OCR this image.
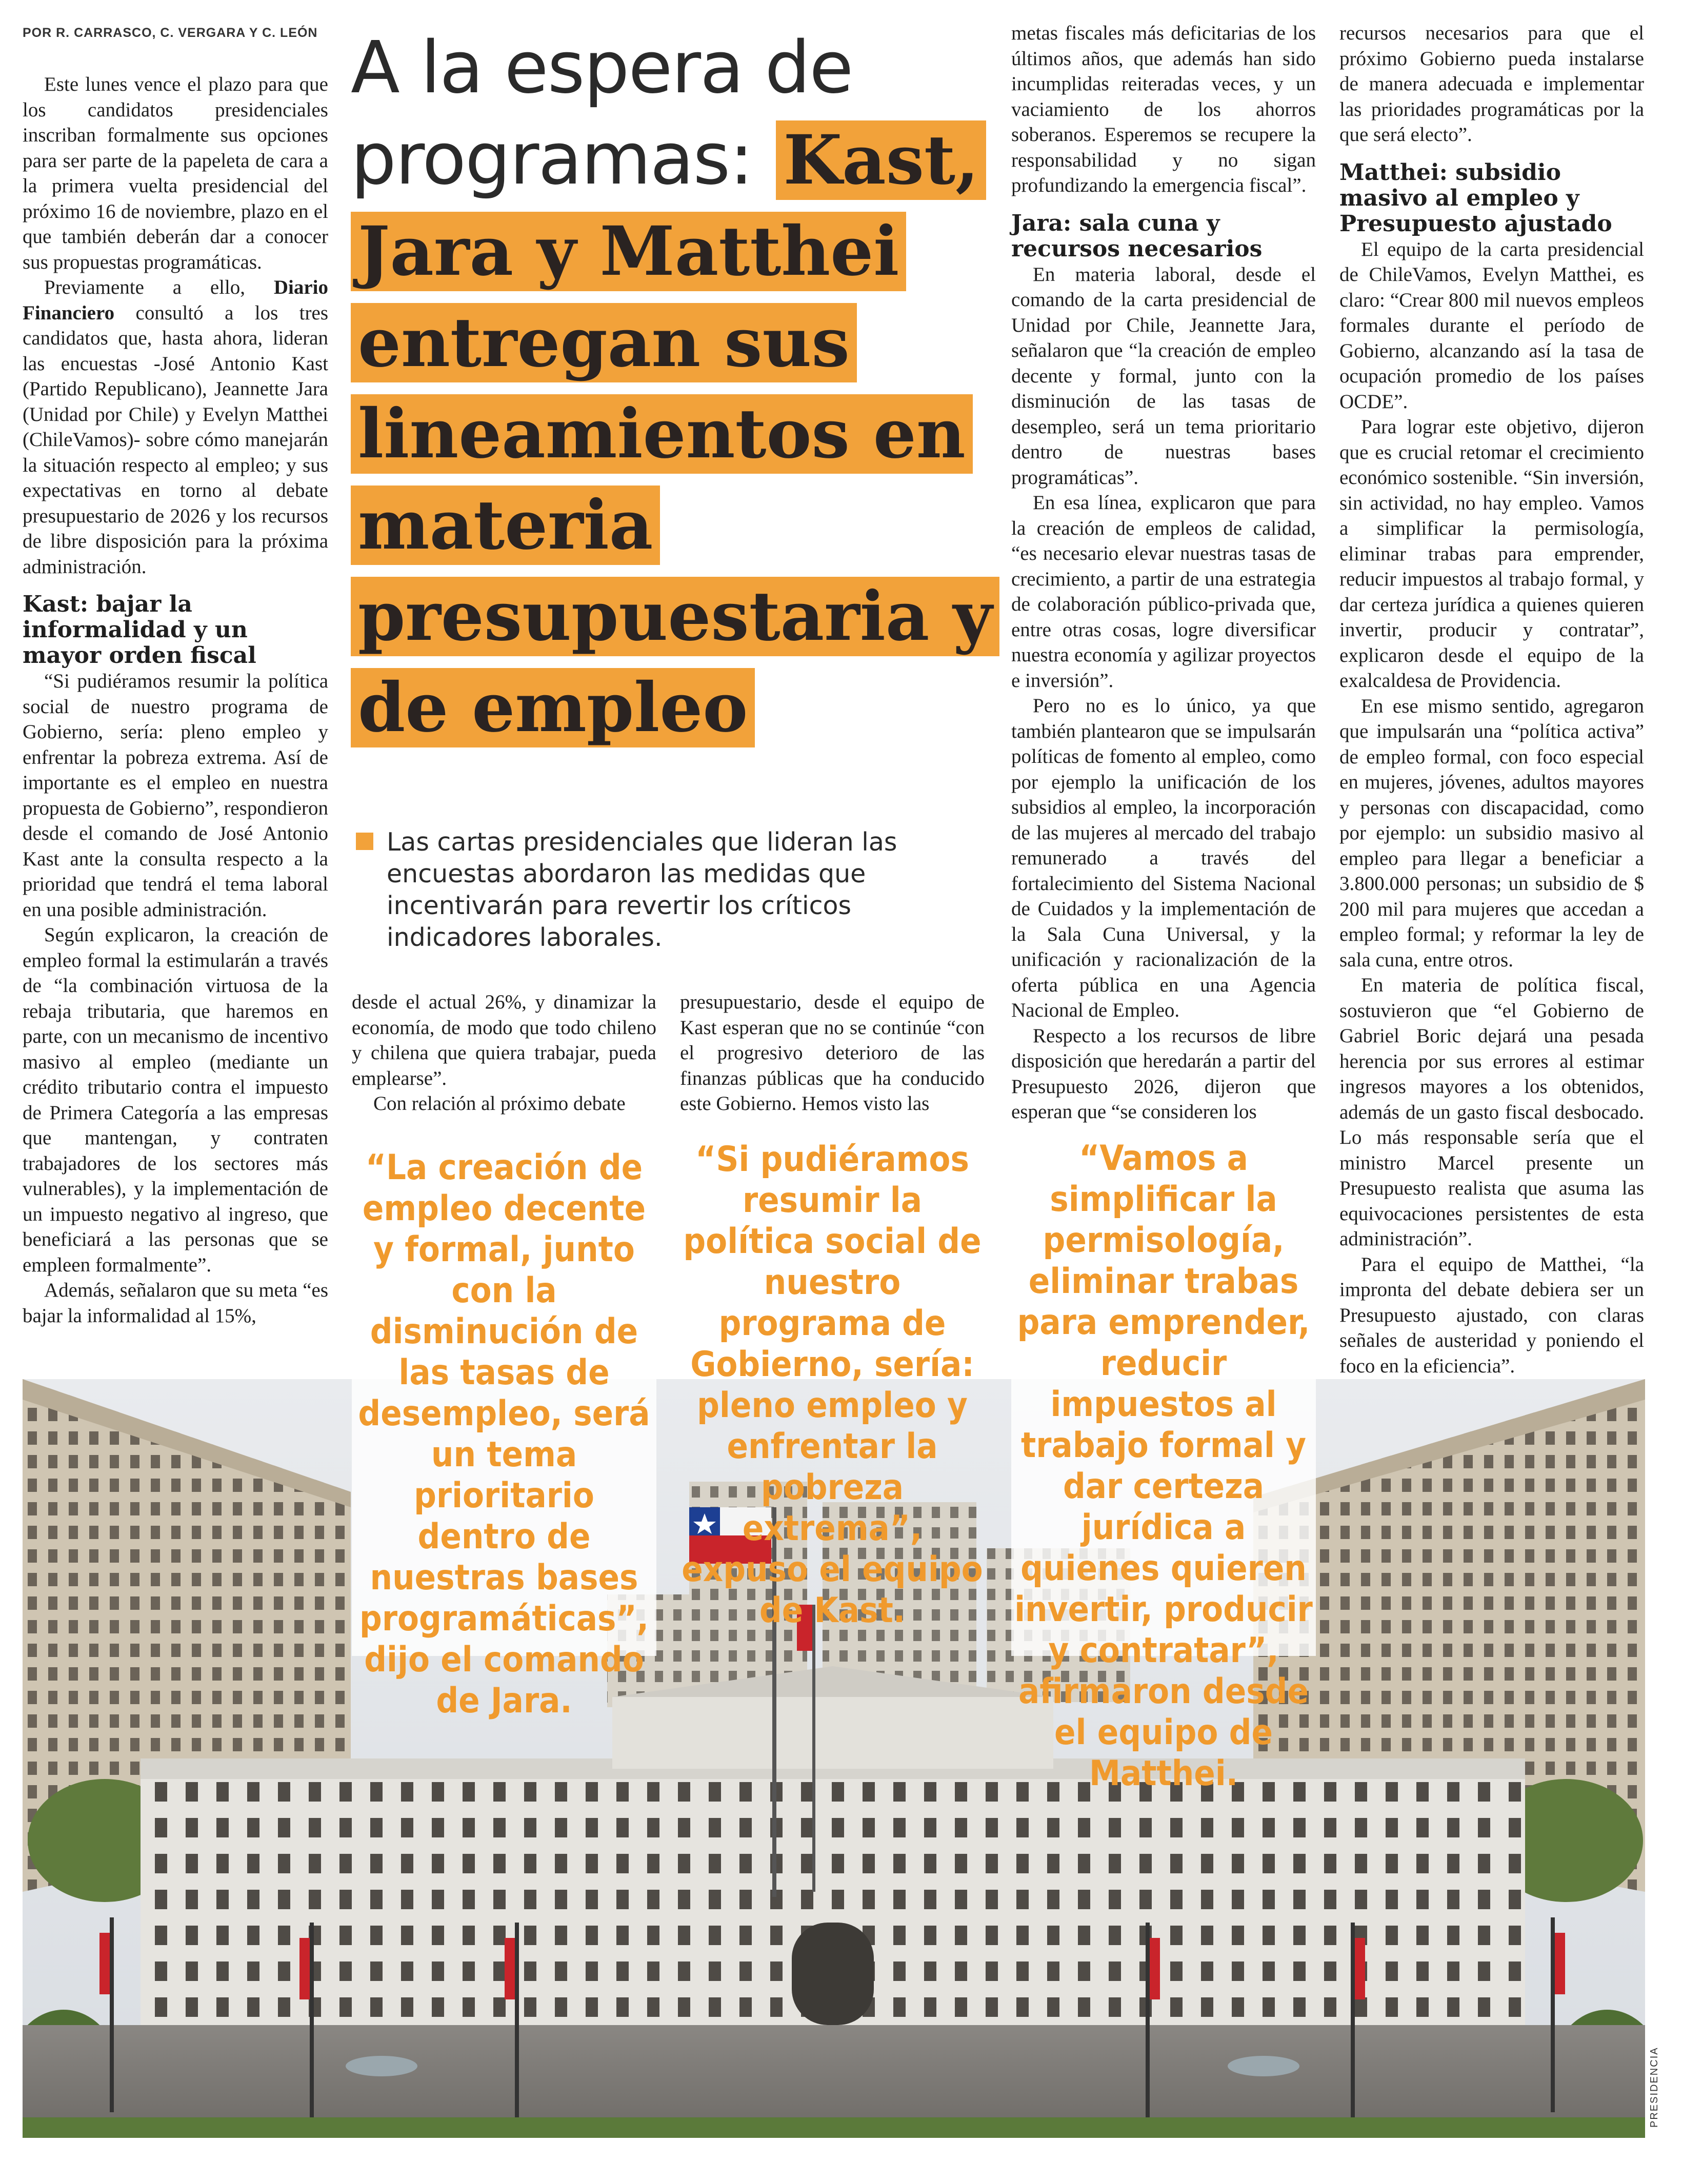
POR R. CARRASCO, C. VERGARA Y C. LEÓN

Este lunes vence el plazo para que los candidatos presidenciales inscriban formalmente sus opciones para ser parte de la papeleta de cara a la primera vuelta presidencial del próximo 16 de noviembre, plazo en el que también deberán dar a conocer sus propuestas programáticas.

Previamente a ello, Diario Financiero consultó a los tres candidatos que, hasta ahora, lideran las encuestas -José Antonio Kast (Partido Republicano), Jeannette Jara (Unidad por Chile) y Evelyn Matthei (ChileVamos)- sobre cómo manejarán la situación respecto al empleo; y sus expectativas en torno al debate presupuestario de 2026 y los recursos de libre disposición para la próxima administración.

Kast: bajar la informalidad y un mayor orden fiscal

“Si pudiéramos resumir la política social de nuestro programa de Gobierno, sería: pleno empleo y enfrentar la pobreza extrema. Así de importante es el empleo en nuestra propuesta de Gobierno”, respondieron desde el comando de José Antonio Kast ante la consulta respecto a la prioridad que tendrá el tema laboral en una posible administración.

Según explicaron, la creación de empleo formal la estimularán a través de “la combinación virtuosa de la rebaja tributaria, que haremos en parte, con un mecanismo de incentivo masivo al empleo (mediante un crédito tributario contra el impuesto de Primera Categoría a las empresas que mantengan, y contraten trabajadores de los sectores más vulnerables), y la implementación de un impuesto negativo al ingreso, que beneficiará a las personas que se empleen formalmente”.

Además, señalaron que su meta “es bajar la informalidad al 15%,

A la espera de
programas: Kast, Jara y Matthei entregan sus lineamientos en materia presupuestaria y de empleo
Las cartas presidenciales que lideran las encuestas abordaron las medidas que incentivarán para revertir los críticos indicadores laborales.

metas fiscales más deficitarias de los últimos años, que además han sido incumplidas reiteradas veces, y un vaciamiento de los ahorros soberanos. Esperemos se recupere la responsabilidad y no sigan profundizando la emergencia fiscal”.

Jara: sala cuna y recursos necesarios

En materia laboral, desde el comando de la carta presidencial de Unidad por Chile, Jeannette Jara, señalaron que “la creación de empleo decente y formal, junto con la disminución de las tasas de desempleo, será un tema prioritario dentro de nuestras bases programáticas”.

En esa línea, explicaron que para la creación de empleos de calidad, “es necesario elevar nuestras tasas de crecimiento, a partir de una estrategia de colaboración público-privada que, entre otras cosas, logre diversificar nuestra economía y agilizar proyectos e inversión”.

Pero no es lo único, ya que también plantearon que se impulsarán políticas de fomento al empleo, como por ejemplo la unificación de los subsidios al empleo, la incorporación de las mujeres al mercado del trabajo remunerado a través del fortalecimiento del Sistema Nacional de Cuidados y la implementación de la Sala Cuna Universal, y la unificación y racionalización de la oferta pública en una Agencia Nacional de Empleo.

Respecto a los recursos de libre disposición que heredarán a partir del Presupuesto 2026, dijeron que esperan que “se consideren los

recursos necesarios para que el próximo Gobierno pueda instalarse de manera adecuada e implementar las prioridades programáticas por la que será electo”.

Matthei: subsidio masivo al empleo y Presupuesto ajustado

El equipo de la carta presidencial de ChileVamos, Evelyn Matthei, es claro: “Crear 800 mil nuevos empleos formales durante el período de Gobierno, alcanzando así la tasa de ocupación promedio de los países OCDE”.

Para lograr este objetivo, dijeron que es crucial retomar el crecimiento económico sostenible. “Sin inversión, sin actividad, no hay empleo. Vamos a simplificar la permisología, eliminar trabas para emprender, reducir impuestos al trabajo formal, y dar certeza jurídica a quienes quieren invertir, producir y contratar”, explicaron desde el equipo de la exalcaldesa de Providencia.

En ese mismo sentido, agregaron que impulsarán una “política activa” de empleo formal, con foco especial en mujeres, jóvenes, adultos mayores y personas con discapacidad, como por ejemplo: un subsidio masivo al empleo para llegar a beneficiar a 3.800.000 personas; un subsidio de $ 200 mil para mujeres que accedan a empleo formal; y reformar la ley de sala cuna, entre otros.

En materia de política fiscal, sostuvieron que “el Gobierno de Gabriel Boric dejará una pesada herencia por sus errores al estimar ingresos mayores a los obtenidos, además de un gasto fiscal desbocado. Lo más responsable sería que el ministro Marcel presente un Presupuesto realista que asuma las equivocaciones persistentes de esta administración”.

Para el equipo de Matthei, “la impronta del debate debiera ser un Presupuesto ajustado, con claras señales de austeridad y poniendo el foco en la eficiencia”.

PRESIDENCIA

desde el actual 26%, y dinamizar la economía, de modo que todo chileno y chilena que quiera trabajar, pueda emplearse”.

Con relación al próximo debate

presupuestario, desde el equipo de Kast esperan que no se continúe “con el progresivo deterioro de las finanzas públicas que ha conducido este Gobierno. Hemos visto las

“La creación de empleo decente y formal, junto con la disminución de las tasas de desempleo, será un tema prioritario dentro de nuestras bases programáticas”, dijo el comando de Jara.
“Si pudiéramos resumir la política social de nuestro programa de Gobierno, sería: pleno empleo y enfrentar la pobreza extrema”, expuso el equipo de Kast.
“Vamos a simplificar la permisología, eliminar trabas para emprender, reducir impuestos al trabajo formal y dar certeza jurídica a quienes quieren invertir, producir y contratar”, afirmaron desde el equipo de Matthei.
